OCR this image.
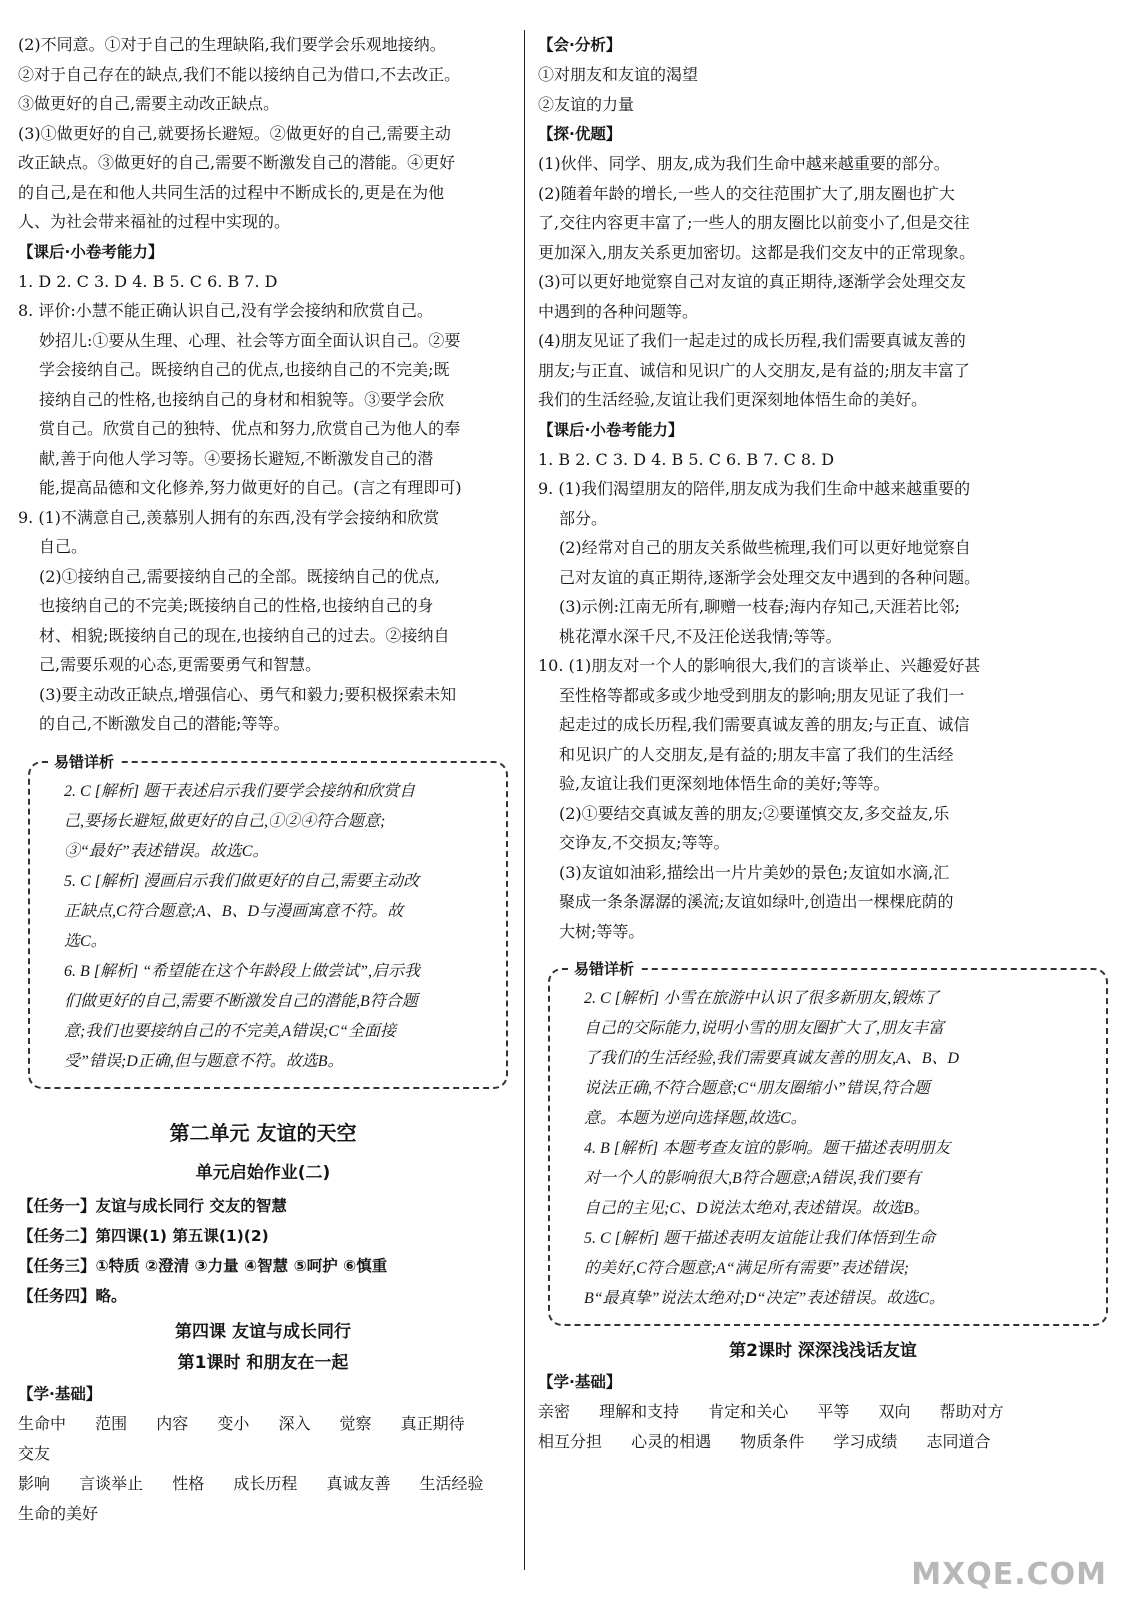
(2)不同意。①对于自己的生理缺陷,我们要学会乐观地接纳。

②对于自己存在的缺点,我们不能以接纳自己为借口,不去改正。

③做更好的自己,需要主动改正缺点。

(3)①做更好的自己,就要扬长避短。②做更好的自己,需要主动

改正缺点。③做更好的自己,需要不断激发自己的潜能。④更好

的自己,是在和他人共同生活的过程中不断成长的,更是在为他

人、为社会带来福祉的过程中实现的。

【课后·小卷考能力】

1. D 2. C 3. D 4. B 5. C 6. B 7. D

8. 评价:小慧不能正确认识自己,没有学会接纳和欣赏自己。

妙招儿:①要从生理、心理、社会等方面全面认识自己。②要

学会接纳自己。既接纳自己的优点,也接纳自己的不完美;既

接纳自己的性格,也接纳自己的身材和相貌等。③要学会欣

赏自己。欣赏自己的独特、优点和努力,欣赏自己为他人的奉

献,善于向他人学习等。④要扬长避短,不断激发自己的潜

能,提高品德和文化修养,努力做更好的自己。(言之有理即可)

9. (1)不满意自己,羡慕别人拥有的东西,没有学会接纳和欣赏

自己。

(2)①接纳自己,需要接纳自己的全部。既接纳自己的优点,

也接纳自己的不完美;既接纳自己的性格,也接纳自己的身

材、相貌;既接纳自己的现在,也接纳自己的过去。②接纳自

己,需要乐观的心态,更需要勇气和智慧。

(3)要主动改正缺点,增强信心、勇气和毅力;要积极探索未知

的自己,不断激发自己的潜能;等等。

易错详析

2. C [解析] 题干表述启示我们要学会接纳和欣赏自

己,要扬长避短,做更好的自己,①②④符合题意;

③“最好”表述错误。故选C。

5. C [解析] 漫画启示我们做更好的自己,需要主动改

正缺点,C符合题意;A、B、D与漫画寓意不符。故

选C。

6. B [解析] “希望能在这个年龄段上做尝试”,启示我

们做更好的自己,需要不断激发自己的潜能,B符合题

意;我们也要接纳自己的不完美,A错误;C“全面接

受”错误;D正确,但与题意不符。故选B。

第二单元 友谊的天空
单元启始作业(二)

【任务一】友谊与成长同行 交友的智慧

【任务二】第四课(1) 第五课(1)(2)

【任务三】①特质 ②澄清 ③力量 ④智慧 ⑤呵护 ⑥慎重

【任务四】略。

第四课 友谊与成长同行
第1课时 和朋友在一起

【学·基础】

生命中 范围 内容 变小 深入 觉察 真正期待 交友
影响 言谈举止 性格 成长历程 真诚友善 生活经验
生命的美好

【会·分析】

①对朋友和友谊的渴望

②友谊的力量

【探·优题】

(1)伙伴、同学、朋友,成为我们生命中越来越重要的部分。

(2)随着年龄的增长,一些人的交往范围扩大了,朋友圈也扩大

了,交往内容更丰富了;一些人的朋友圈比以前变小了,但是交往

更加深入,朋友关系更加密切。这都是我们交友中的正常现象。

(3)可以更好地觉察自己对友谊的真正期待,逐渐学会处理交友

中遇到的各种问题等。

(4)朋友见证了我们一起走过的成长历程,我们需要真诚友善的

朋友;与正直、诚信和见识广的人交朋友,是有益的;朋友丰富了

我们的生活经验,友谊让我们更深刻地体悟生命的美好。

【课后·小卷考能力】

1. B 2. C 3. D 4. B 5. C 6. B 7. C 8. D

9. (1)我们渴望朋友的陪伴,朋友成为我们生命中越来越重要的

部分。

(2)经常对自己的朋友关系做些梳理,我们可以更好地觉察自

己对友谊的真正期待,逐渐学会处理交友中遇到的各种问题。

(3)示例:江南无所有,聊赠一枝春;海内存知己,天涯若比邻;

桃花潭水深千尺,不及汪伦送我情;等等。

10. (1)朋友对一个人的影响很大,我们的言谈举止、兴趣爱好甚

至性格等都或多或少地受到朋友的影响;朋友见证了我们一

起走过的成长历程,我们需要真诚友善的朋友;与正直、诚信

和见识广的人交朋友,是有益的;朋友丰富了我们的生活经

验,友谊让我们更深刻地体悟生命的美好;等等。

(2)①要结交真诚友善的朋友;②要谨慎交友,多交益友,乐

交诤友,不交损友;等等。

(3)友谊如油彩,描绘出一片片美妙的景色;友谊如水滴,汇

聚成一条条潺潺的溪流;友谊如绿叶,创造出一棵棵庇荫的

大树;等等。

易错详析

2. C [解析] 小雪在旅游中认识了很多新朋友,锻炼了

自己的交际能力,说明小雪的朋友圈扩大了,朋友丰富

了我们的生活经验,我们需要真诚友善的朋友,A、B、D

说法正确,不符合题意;C“朋友圈缩小”错误,符合题

意。本题为逆向选择题,故选C。

4. B [解析] 本题考查友谊的影响。题干描述表明朋友

对一个人的影响很大,B符合题意;A错误,我们要有

自己的主见;C、D说法太绝对,表述错误。故选B。

5. C [解析] 题干描述表明友谊能让我们体悟到生命

的美好,C符合题意;A“满足所有需要”表述错误;

B“最真挚”说法太绝对;D“决定”表述错误。故选C。

第2课时 深深浅浅话友谊

【学·基础】

亲密 理解和支持 肯定和关心 平等 双向 帮助对方
相互分担 心灵的相遇 物质条件 学习成绩 志同道合
MXQE.COM
